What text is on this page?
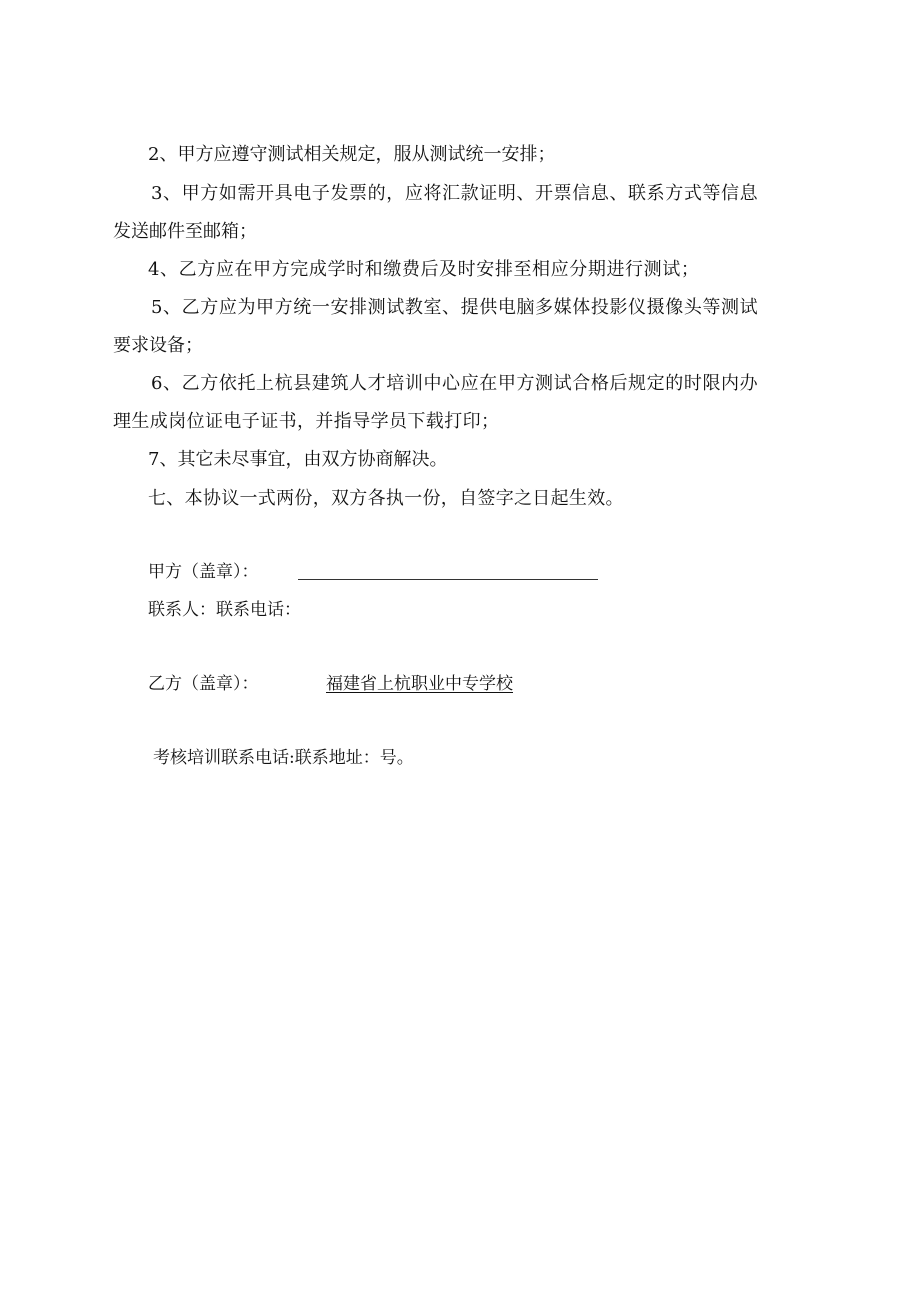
2、甲方应遵守测试相关规定，服从测试统一安排；
3、甲方如需开具电子发票的，应将汇款证明、开票信息、联系方式等信息
发送邮件至邮箱；
4、乙方应在甲方完成学时和缴费后及时安排至相应分期进行测试；
5、乙方应为甲方统一安排测试教室、提供电脑多媒体投影仪摄像头等测试
要求设备；
6、乙方依托上杭县建筑人才培训中心应在甲方测试合格后规定的时限内办
理生成岗位证电子证书，并指导学员下载打印；
7、其它未尽事宜，由双方协商解决。
七、本协议一式两份，双方各执一份，自签字之日起生效。
甲方（盖章）：
联系人：联系电话：
乙方（盖章）：	福建省上杭职业中专学校
考核培训联系电话:联系地址：号。
